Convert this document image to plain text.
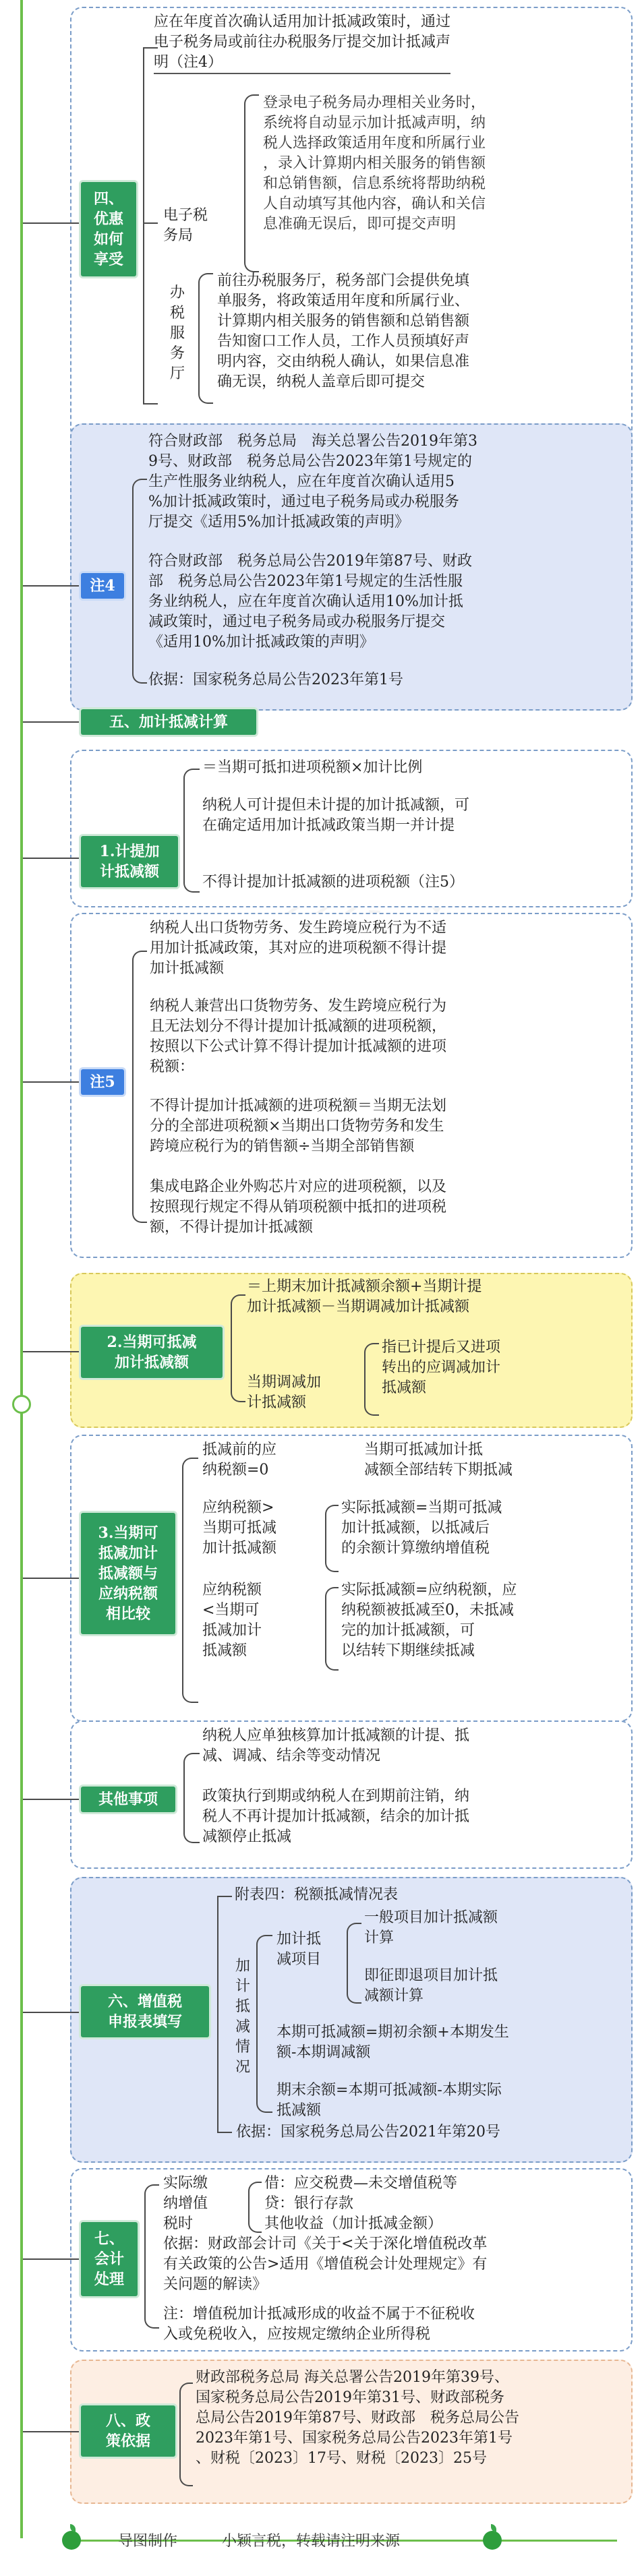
四、
优惠
如何
享受
应在年度首次确认适用加计抵减政策时，通过
电子税务局或前往办税服务厅提交加计抵减声
明（注4）
电子税
务局
登录电子税务局办理相关业务时，
系统将自动显示加计抵减声明，纳
税人选择政策适用年度和所属行业
，录入计算期内相关服务的销售额
和总销售额，信息系统将帮助纳税
人自动填写其他内容，确认和关信
息准确无误后，即可提交声明
办
税
服
务
厅
前往办税服务厅，税务部门会提供免填
单服务，将政策适用年度和所属行业、
计算期内相关服务的销售额和总销售额
告知窗口工作人员，工作人员预填好声
明内容，交由纳税人确认，如果信息准
确无误，纳税人盖章后即可提交
注4
符合财政部　税务总局　海关总署公告2019年第3
9号、财政部　税务总局公告2023年第1号规定的
生产性服务业纳税人，应在年度首次确认适用5
%加计抵减政策时，通过电子税务局或办税服务
厅提交《适用5%加计抵减政策的声明》
符合财政部　税务总局公告2019年第87号、财政
部　税务总局公告2023年第1号规定的生活性服
务业纳税人，应在年度首次确认适用10%加计抵
减政策时，通过电子税务局或办税服务厅提交
《适用10%加计抵减政策的声明》
依据：国家税务总局公告2023年第1号
五、加计抵减计算
1.计提加
计抵减额
＝当期可抵扣进项税额×加计比例
纳税人可计提但未计提的加计抵减额，可
在确定适用加计抵减政策当期一并计提
不得计提加计抵减额的进项税额（注5）
注5
纳税人出口货物劳务、发生跨境应税行为不适
用加计抵减政策，其对应的进项税额不得计提
加计抵减额
纳税人兼营出口货物劳务、发生跨境应税行为
且无法划分不得计提加计抵减额的进项税额，
按照以下公式计算不得计提加计抵减额的进项
税额：
不得计提加计抵减额的进项税额＝当期无法划
分的全部进项税额×当期出口货物劳务和发生
跨境应税行为的销售额÷当期全部销售额
集成电路企业外购芯片对应的进项税额，以及
按照现行规定不得从销项税额中抵扣的进项税
额，不得计提加计抵减额
2.当期可抵减
加计抵减额
＝上期末加计抵减额余额+当期计提
加计抵减额－当期调减加计抵减额
当期调减加
计抵减额
指已计提后又进项
转出的应调减加计
抵减额
3.当期可
抵减加计
抵减额与
应纳税额
相比较
抵减前的应
纳税额=0
当期可抵减加计抵
减额全部结转下期抵减
应纳税额>
当期可抵减
加计抵减额
实际抵减额=当期可抵减
加计抵减额，以抵减后
的余额计算缴纳增值税
应纳税额
<当期可
抵减加计
抵减额
实际抵减额=应纳税额，应
纳税额被抵减至0，未抵减
完的加计抵减额，可
以结转下期继续抵减
其他事项
纳税人应单独核算加计抵减额的计提、抵
减、调减、结余等变动情况
政策执行到期或纳税人在到期前注销，纳
税人不再计提加计抵减额，结余的加计抵
减额停止抵减
六、增值税
申报表填写
附表四：税额抵减情况表
加
计
抵
减
情
况
加计抵
减项目
一般项目加计抵减额
计算
即征即退项目加计抵
减额计算
本期可抵减额=期初余额+本期发生
额-本期调减额
期末余额=本期可抵减额-本期实际
抵减额
依据：国家税务总局公告2021年第20号
七、
会计
处理
实际缴
纳增值
税时
借：应交税费—未交增值税等
贷：银行存款
其他收益（加计抵减金额）
依据：财政部会计司《关于<关于深化增值税改革
有关政策的公告>适用《增值税会计处理规定》有
关问题的解读》
注：增值税加计抵减形成的收益不属于不征税收
入或免税收入，应按规定缴纳企业所得税
八、政
策依据
财政部税务总局 海关总署公告2019年第39号、
国家税务总局公告2019年第31号、财政部税务
总局公告2019年第87号、财政部　税务总局公告
2023年第1号、国家税务总局公告2023年第1号
、财税〔2023〕17号、财税〔2023〕25号
导图制作　　　小颖言税，转载请注明来源
